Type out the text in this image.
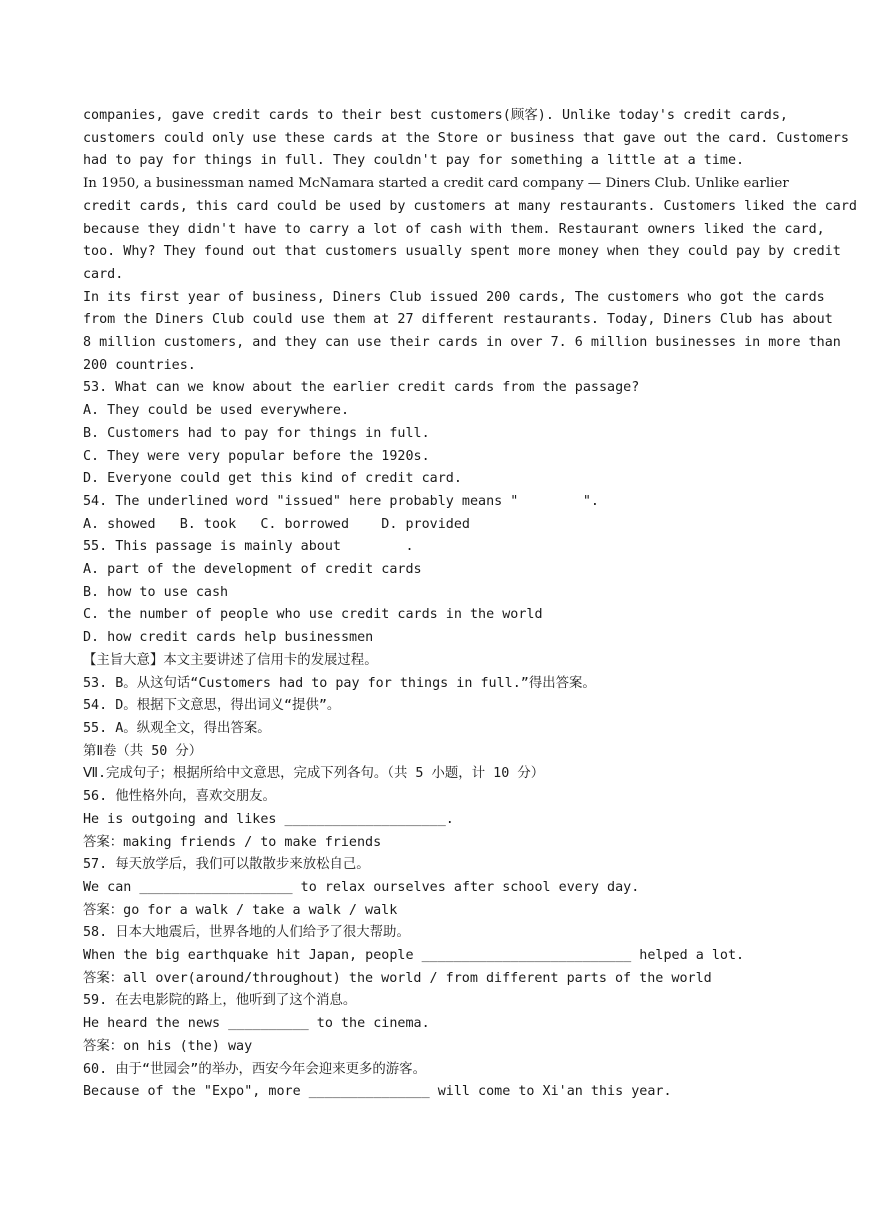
companies, gave credit cards to their best customers(顾客). Unlike today's credit cards,
customers could only use these cards at the Store or business that gave out the card. Customers
had to pay for things in full. They couldn't pay for something a little at a time.
In 1950, a businessman named McNamara started a credit card company — Diners Club. Unlike earlier
credit cards, this card could be used by customers at many restaurants. Customers liked the card
because they didn't have to carry a lot of cash with them. Restaurant owners liked the card,
too. Why? They found out that customers usually spent more money when they could pay by credit
card.
In its first year of business, Diners Club issued 200 cards, The customers who got the cards
from the Diners Club could use them at 27 different restaurants. Today, Diners Club has about
8 million customers, and they can use their cards in over 7. 6 million businesses in more than
200 countries.
53. What can we know about the earlier credit cards from the passage?
A. They could be used everywhere.
B. Customers had to pay for things in full.
C. They were very popular before the 1920s.
D. Everyone could get this kind of credit card.
54. The underlined word "issued" here probably means "        ".
A. showed   B. took   C. borrowed    D. provided
55. This passage is mainly about        .
A. part of the development of credit cards
B. how to use cash
C. the number of people who use credit cards in the world
D. how credit cards help businessmen
【主旨大意】本文主要讲述了信用卡的发展过程。
53. B。从这句话“Customers had to pay for things in full.”得出答案。
54. D。根据下文意思，得出词义“提供”。
55. A。纵观全文，得出答案。
第Ⅱ卷（共 50 分）
Ⅶ.完成句子；根据所给中文意思，完成下列各句。（共 5 小题，计 10 分）
56. 他性格外向，喜欢交朋友。
He is outgoing and likes ____________________.
答案：making friends / to make friends
57. 每天放学后，我们可以散散步来放松自己。
We can ___________________ to relax ourselves after school every day.
答案：go for a walk / take a walk / walk
58. 日本大地震后，世界各地的人们给予了很大帮助。
When the big earthquake hit Japan, people __________________________ helped a lot.
答案：all over(around/throughout) the world / from different parts of the world
59. 在去电影院的路上，他听到了这个消息。
He heard the news __________ to the cinema.
答案：on his (the) way
60. 由于“世园会”的举办，西安今年会迎来更多的游客。
Because of the "Expo", more _______________ will come to Xi'an this year.
